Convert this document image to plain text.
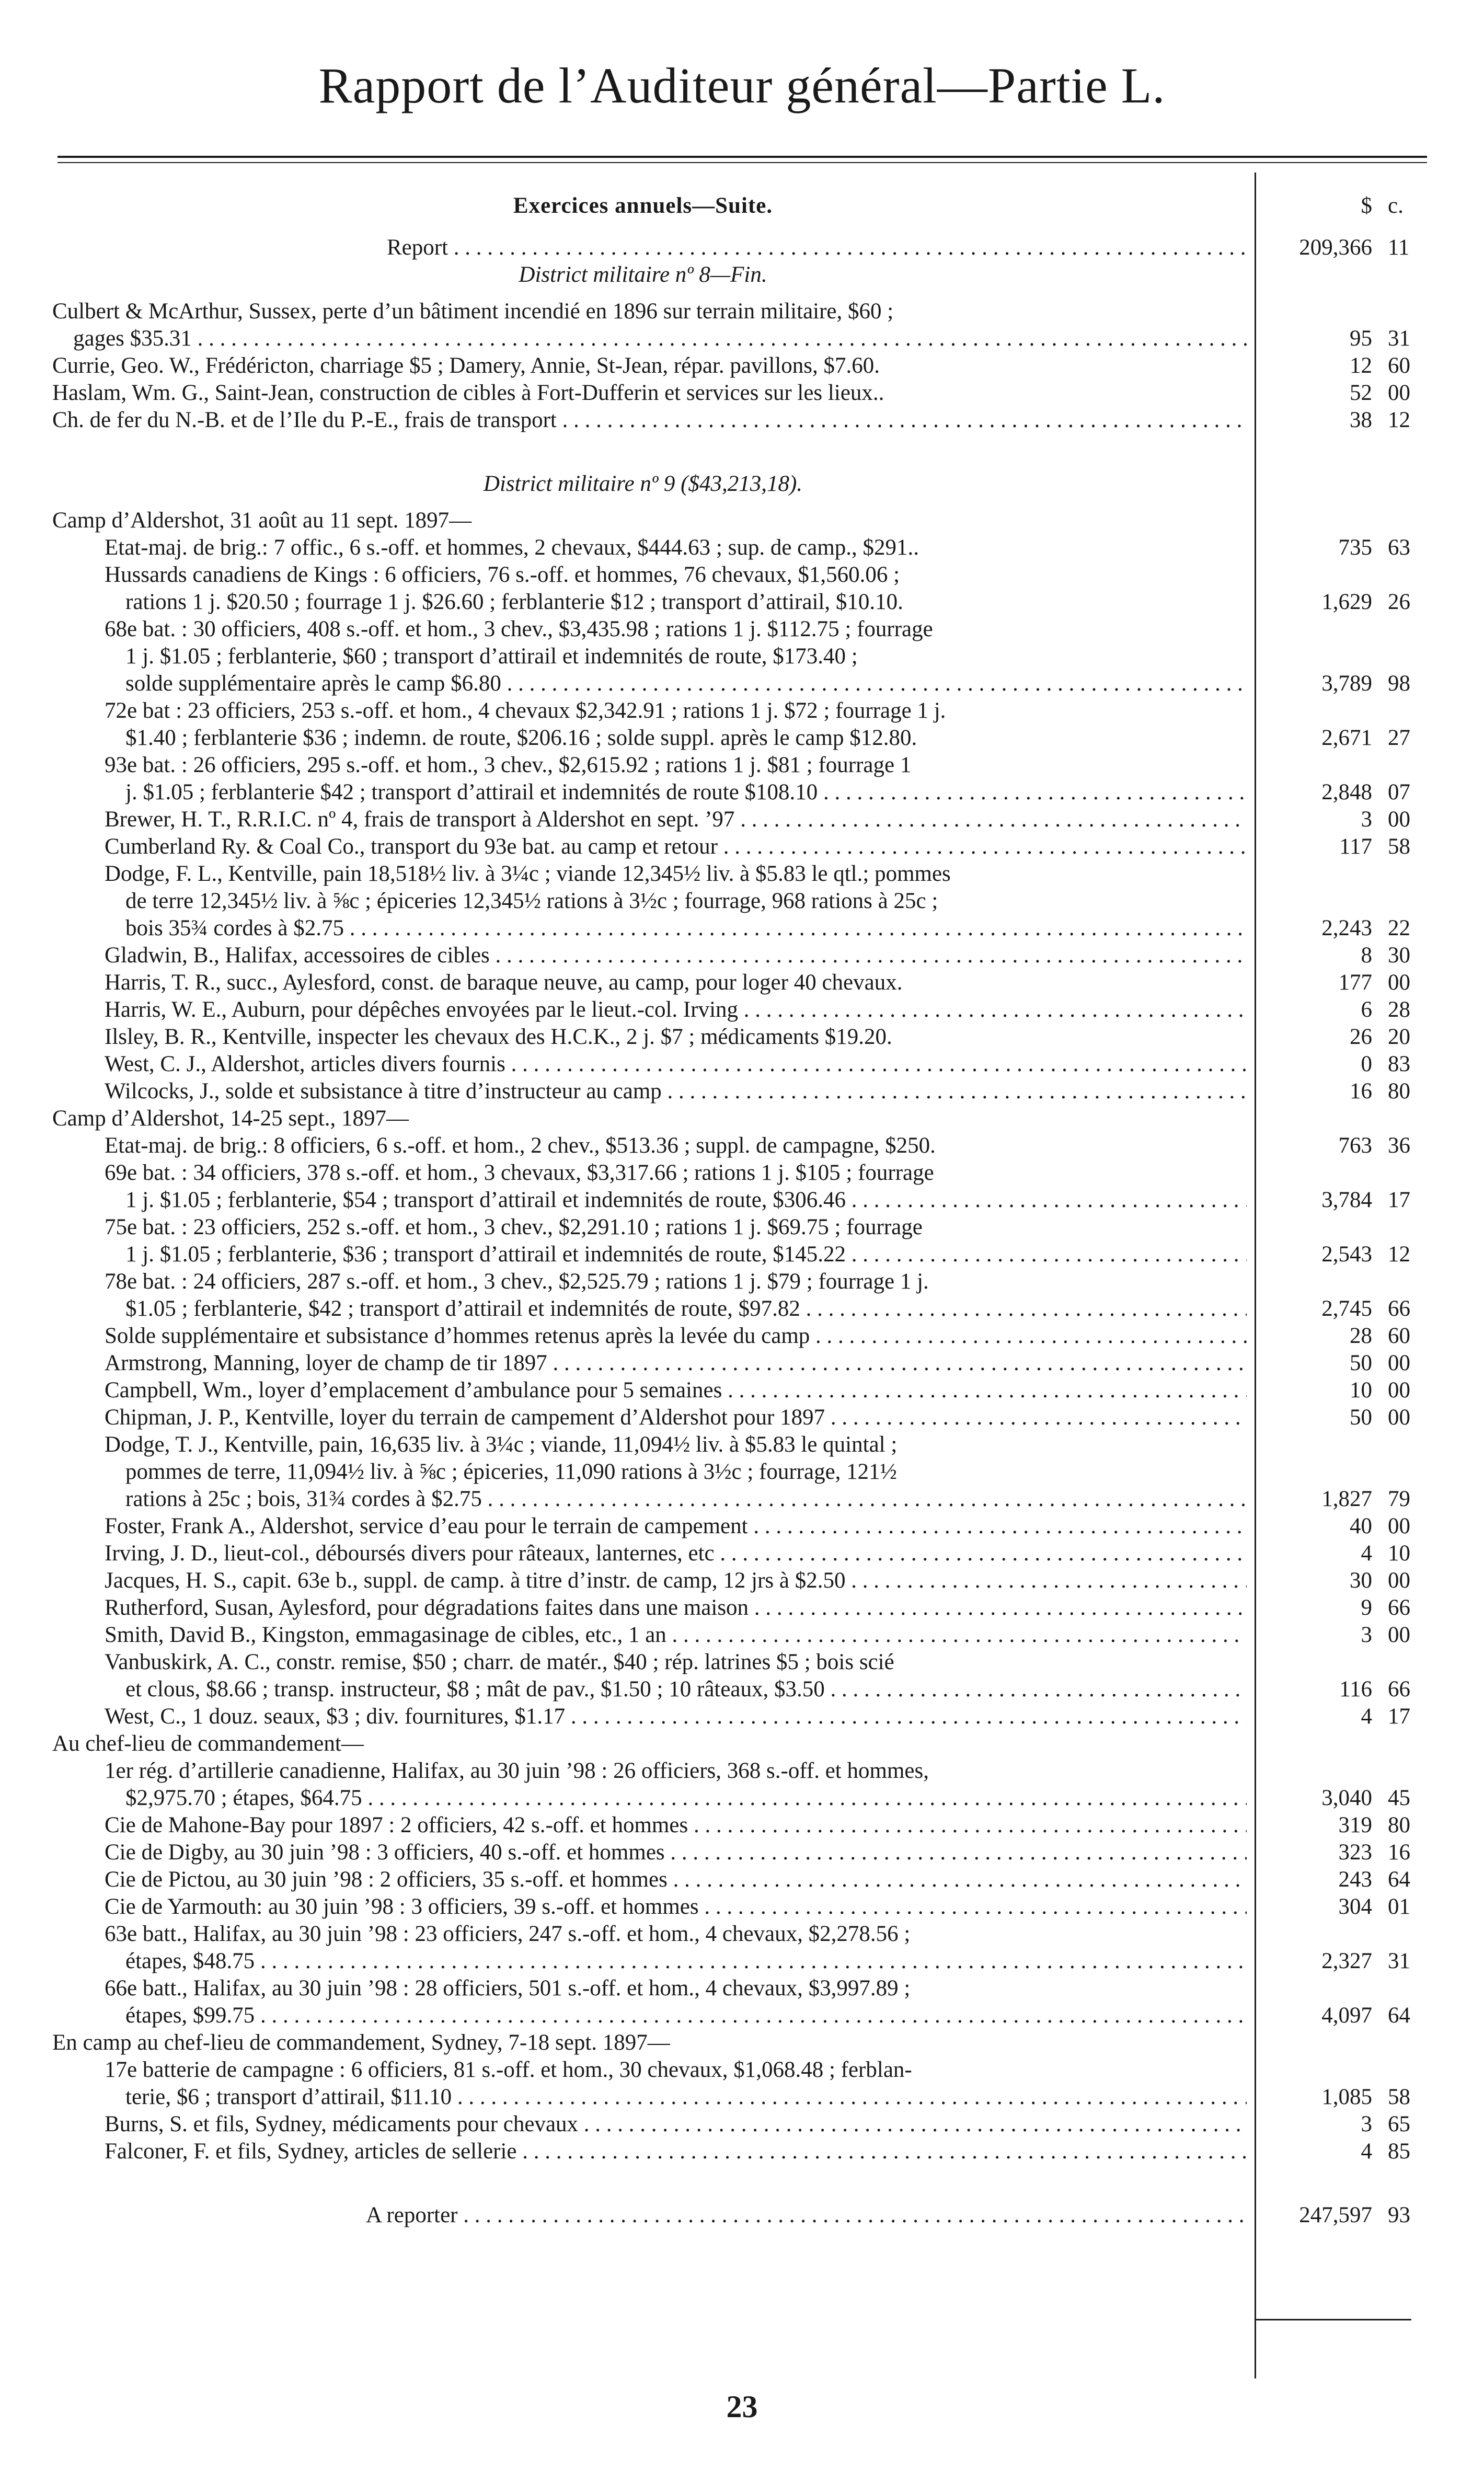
Rapport de l’Auditeur général—Partie L.
Exercices annuels—Suite.	$ c.
Report . . .	209,366 11
District militaire nº 8—Fin.
Culbert & McArthur, Sussex, perte d’un bâtiment incendié en 1896 sur terrain militaire, $60 ;
gages $35.31 . . .	95 31
Currie, Geo. W., Frédéricton, charriage $5 ; Damery, Annie, St-Jean, répar. pavillons, $7.60.	12 60
Haslam, Wm. G., Saint-Jean, construction de cibles à Fort-Dufferin et services sur les lieux..	52 00
Ch. de fer du N.-B. et de l’Ile du P.-E., frais de transport . . .	38 12
District militaire nº 9 ($43,213,18).
Camp d’Aldershot, 31 août au 11 sept. 1897—
Etat-maj. de brig.: 7 offic., 6 s.-off. et hommes, 2 chevaux, $444.63 ; sup. de camp., $291..	735 63
Hussards canadiens de Kings : 6 officiers, 76 s.-off. et hommes, 76 chevaux, $1,560.06 ;
rations 1 j. $20.50 ; fourrage 1 j. $26.60 ; ferblanterie $12 ; transport d’attirail, $10.10.	1,629 26
68e bat. : 30 officiers, 408 s.-off. et hom., 3 chev., $3,435.98 ; rations 1 j. $112.75 ; fourrage
1 j. $1.05 ; ferblanterie, $60 ; transport d’attirail et indemnités de route, $173.40 ;
solde supplémentaire après le camp $6.80 . . .	3,789 98
72e bat : 23 officiers, 253 s.-off. et hom., 4 chevaux $2,342.91 ; rations 1 j. $72 ; fourrage 1 j.
$1.40 ; ferblanterie $36 ; indemn. de route, $206.16 ; solde suppl. après le camp $12.80.	2,671 27
93e bat. : 26 officiers, 295 s.-off. et hom., 3 chev., $2,615.92 ; rations 1 j. $81 ; fourrage 1
j. $1.05 ; ferblanterie $42 ; transport d’attirail et indemnités de route $108.10 . . .	2,848 07
Brewer, H. T., R.R.I.C. nº 4, frais de transport à Aldershot en sept. ’97 . . .	3 00
Cumberland Ry. & Coal Co., transport du 93e bat. au camp et retour . . .	117 58
Dodge, F. L., Kentville, pain 18,518½ liv. à 3¼c ; viande 12,345½ liv. à $5.83 le qtl.; pommes
de terre 12,345½ liv. à ⅝c ; épiceries 12,345½ rations à 3½c ; fourrage, 968 rations à 25c ;
bois 35¾ cordes à $2.75 . . .	2,243 22
Gladwin, B., Halifax, accessoires de cibles . . .	8 30
Harris, T. R., succ., Aylesford, const. de baraque neuve, au camp, pour loger 40 chevaux.	177 00
Harris, W. E., Auburn, pour dépêches envoyées par le lieut.-col. Irving . . .	6 28
Ilsley, B. R., Kentville, inspecter les chevaux des H.C.K., 2 j. $7 ; médicaments $19.20.	26 20
West, C. J., Aldershot, articles divers fournis . . .	0 83
Wilcocks, J., solde et subsistance à titre d’instructeur au camp . . .	16 80
Camp d’Aldershot, 14-25 sept., 1897—
Etat-maj. de brig.: 8 officiers, 6 s.-off. et hom., 2 chev., $513.36 ; suppl. de campagne, $250.	763 36
69e bat. : 34 officiers, 378 s.-off. et hom., 3 chevaux, $3,317.66 ; rations 1 j. $105 ; fourrage
1 j. $1.05 ; ferblanterie, $54 ; transport d’attirail et indemnités de route, $306.46 . . .	3,784 17
75e bat. : 23 officiers, 252 s.-off. et hom., 3 chev., $2,291.10 ; rations 1 j. $69.75 ; fourrage
1 j. $1.05 ; ferblanterie, $36 ; transport d’attirail et indemnités de route, $145.22 . . .	2,543 12
78e bat. : 24 officiers, 287 s.-off. et hom., 3 chev., $2,525.79 ; rations 1 j. $79 ; fourrage 1 j.
$1.05 ; ferblanterie, $42 ; transport d’attirail et indemnités de route, $97.82 . . .	2,745 66
Solde supplémentaire et subsistance d’hommes retenus après la levée du camp . . .	28 60
Armstrong, Manning, loyer de champ de tir 1897 . . .	50 00
Campbell, Wm., loyer d’emplacement d’ambulance pour 5 semaines . . .	10 00
Chipman, J. P., Kentville, loyer du terrain de campement d’Aldershot pour 1897 . . .	50 00
Dodge, T. J., Kentville, pain, 16,635 liv. à 3¼c ; viande, 11,094½ liv. à $5.83 le quintal ;
pommes de terre, 11,094½ liv. à ⅝c ; épiceries, 11,090 rations à 3½c ; fourrage, 121½
rations à 25c ; bois, 31¾ cordes à $2.75 . . .	1,827 79
Foster, Frank A., Aldershot, service d’eau pour le terrain de campement . . .	40 00
Irving, J. D., lieut-col., déboursés divers pour râteaux, lanternes, etc . . .	4 10
Jacques, H. S., capit. 63e b., suppl. de camp. à titre d’instr. de camp, 12 jrs à $2.50 . . .	30 00
Rutherford, Susan, Aylesford, pour dégradations faites dans une maison . . .	9 66
Smith, David B., Kingston, emmagasinage de cibles, etc., 1 an . . .	3 00
Vanbuskirk, A. C., constr. remise, $50 ; charr. de matér., $40 ; rép. latrines $5 ; bois scié
et clous, $8.66 ; transp. instructeur, $8 ; mât de pav., $1.50 ; 10 râteaux, $3.50 . . .	116 66
West, C., 1 douz. seaux, $3 ; div. fournitures, $1.17 . . .	4 17
Au chef-lieu de commandement—
1er rég. d’artillerie canadienne, Halifax, au 30 juin ’98 : 26 officiers, 368 s.-off. et hommes,
$2,975.70 ; étapes, $64.75 . . .	3,040 45
Cie de Mahone-Bay pour 1897 : 2 officiers, 42 s.-off. et hommes . . .	319 80
Cie de Digby, au 30 juin ’98 : 3 officiers, 40 s.-off. et hommes . . .	323 16
Cie de Pictou, au 30 juin ’98 : 2 officiers, 35 s.-off. et hommes . . .	243 64
Cie de Yarmouth: au 30 juin ’98 : 3 officiers, 39 s.-off. et hommes . . .	304 01
63e batt., Halifax, au 30 juin ’98 : 23 officiers, 247 s.-off. et hom., 4 chevaux, $2,278.56 ;
étapes, $48.75 . . .	2,327 31
66e batt., Halifax, au 30 juin ’98 : 28 officiers, 501 s.-off. et hom., 4 chevaux, $3,997.89 ;
étapes, $99.75 . . .	4,097 64
En camp au chef-lieu de commandement, Sydney, 7-18 sept. 1897—
17e batterie de campagne : 6 officiers, 81 s.-off. et hom., 30 chevaux, $1,068.48 ; ferblan-
terie, $6 ; transport d’attirail, $11.10 . . .	1,085 58
Burns, S. et fils, Sydney, médicaments pour chevaux . . .	3 65
Falconer, F. et fils, Sydney, articles de sellerie . . .	4 85
A reporter . . .	247,597 93
23
